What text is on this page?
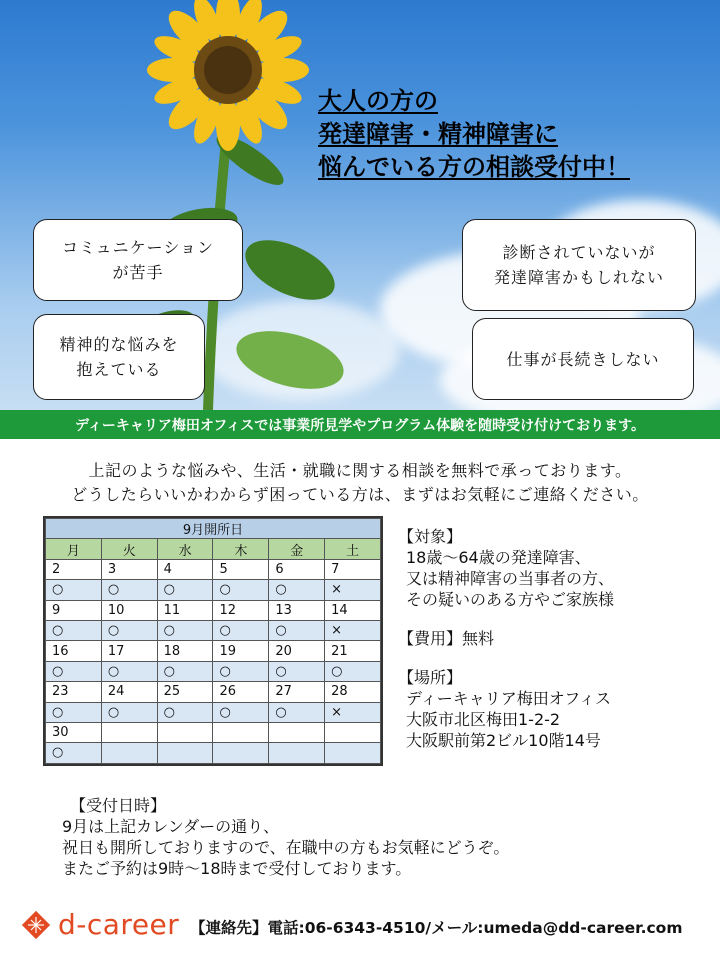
大人の方の
発達障害・精神障害に
悩んでいる方の相談受付中！
コミュニケーション
が苦手
精神的な悩みを
抱えている
診断されていないが
発達障害かもしれない
仕事が長続きしない
ディーキャリア梅田オフィスでは事業所見学やプログラム体験を随時受け付けております。
上記のような悩みや、生活・就職に関する相談を無料で承っております。
どうしたらいいかわからず困っている方は、まずはお気軽にご連絡ください。
9月開所日					
月	火	水	木	金	土
2	3	4	5	6	7
○	○	○	○	○	×
9	10	11	12	13	14
○	○	○	○	○	×
16	17	18	19	20	21
○	○	○	○	○	○
23	24	25	26	27	28
○	○	○	○	○	×
30					
○					
【対象】
18歳～64歳の発達障害、
又は精神障害の当事者の方、
その疑いのある方やご家族様
【費用】無料
【場所】
ディーキャリア梅田オフィス
大阪市北区梅田1-2-2
大阪駅前第2ビル10階14号
【受付日時】
9月は上記カレンダーの通り、
祝日も開所しておりますので、在職中の方もお気軽にどうぞ。
またご予約は9時～18時まで受付しております。
d-career 【連絡先】電話:06-6343-4510/メール:umeda@dd-career.com
